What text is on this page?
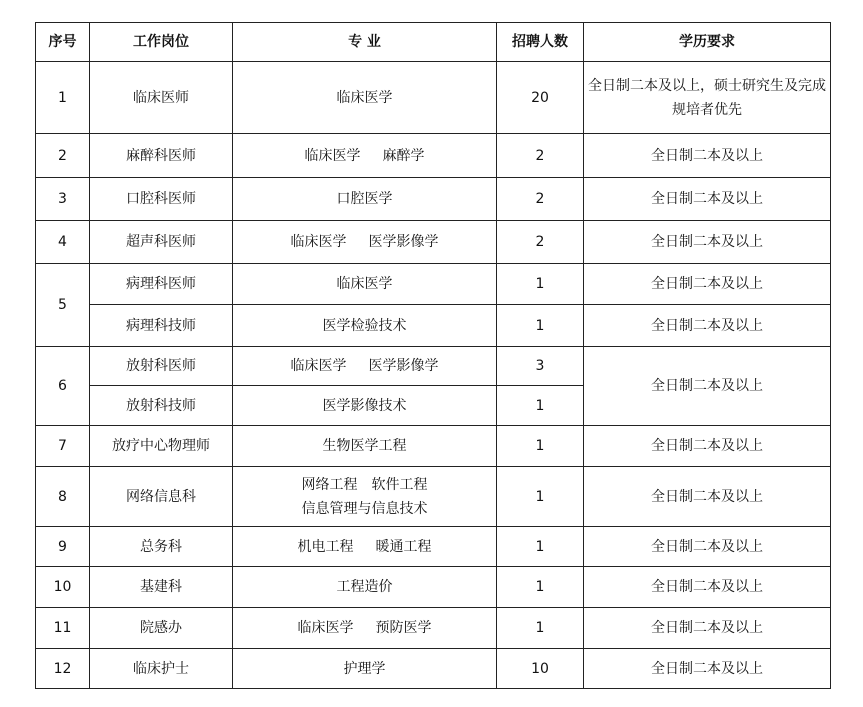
序号	工作岗位	专 业	招聘人数	学历要求
1	临床医师	临床医学	20	全日制二本及以上，硕士研究生及完成规培者优先
2	麻醉科医师	临床医学 麻醉学	2	全日制二本及以上
3	口腔科医师	口腔医学	2	全日制二本及以上
4	超声科医师	临床医学 医学影像学	2	全日制二本及以上
5	病理科医师	临床医学	1	全日制二本及以上
	病理科技师	医学检验技术	1	全日制二本及以上
6	放射科医师	临床医学 医学影像学	3	全日制二本及以上
	放射科技师	医学影像技术	1	
7	放疗中心物理师	生物医学工程	1	全日制二本及以上
8	网络信息科	网络工程 软件工程
信息管理与信息技术	1	全日制二本及以上
9	总务科	机电工程 暖通工程	1	全日制二本及以上
10	基建科	工程造价	1	全日制二本及以上
11	院感办	临床医学 预防医学	1	全日制二本及以上
12	临床护士	护理学	10	全日制二本及以上
